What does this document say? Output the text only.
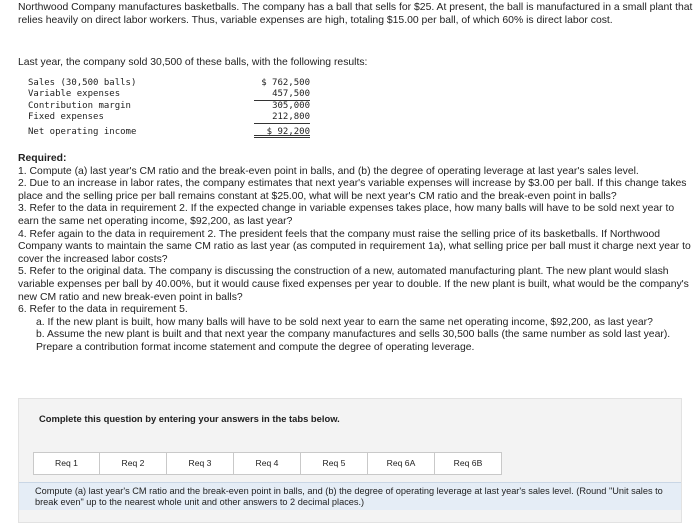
Northwood Company manufactures basketballs. The company has a ball that sells for $25. At present, the ball is manufactured in a small plant that relies heavily on direct labor workers. Thus, variable expenses are high, totaling $15.00 per ball, of which 60% is direct labor cost.
Last year, the company sold 30,500 of these balls, with the following results:
Sales (30,500 balls)	$ 762,500
Variable expenses	457,500
Contribution margin	305,000
Fixed expenses	212,800
Net operating income	$ 92,200
Required:
1. Compute (a) last year's CM ratio and the break-even point in balls, and (b) the degree of operating leverage at last year's sales level.
2. Due to an increase in labor rates, the company estimates that next year's variable expenses will increase by $3.00 per ball. If this change takes place and the selling price per ball remains constant at $25.00, what will be next year's CM ratio and the break-even point in balls?
3. Refer to the data in requirement 2. If the expected change in variable expenses takes place, how many balls will have to be sold next year to earn the same net operating income, $92,200, as last year?
4. Refer again to the data in requirement 2. The president feels that the company must raise the selling price of its basketballs. If Northwood Company wants to maintain the same CM ratio as last year (as computed in requirement 1a), what selling price per ball must it charge next year to cover the increased labor costs?
5. Refer to the original data. The company is discussing the construction of a new, automated manufacturing plant. The new plant would slash variable expenses per ball by 40.00%, but it would cause fixed expenses per year to double. If the new plant is built, what would be the company's new CM ratio and new break-even point in balls?
6. Refer to the data in requirement 5.
a. If the new plant is built, how many balls will have to be sold next year to earn the same net operating income, $92,200, as last year?
b. Assume the new plant is built and that next year the company manufactures and sells 30,500 balls (the same number as sold last year). Prepare a contribution format income statement and compute the degree of operating leverage.
Complete this question by entering your answers in the tabs below.
Req 1	Req 2	Req 3	Req 4	Req 5	Req 6A	Req 6B
Compute (a) last year's CM ratio and the break-even point in balls, and (b) the degree of operating leverage at last year's sales level. (Round "Unit sales to break even" up to the nearest whole unit and other answers to 2 decimal places.)
